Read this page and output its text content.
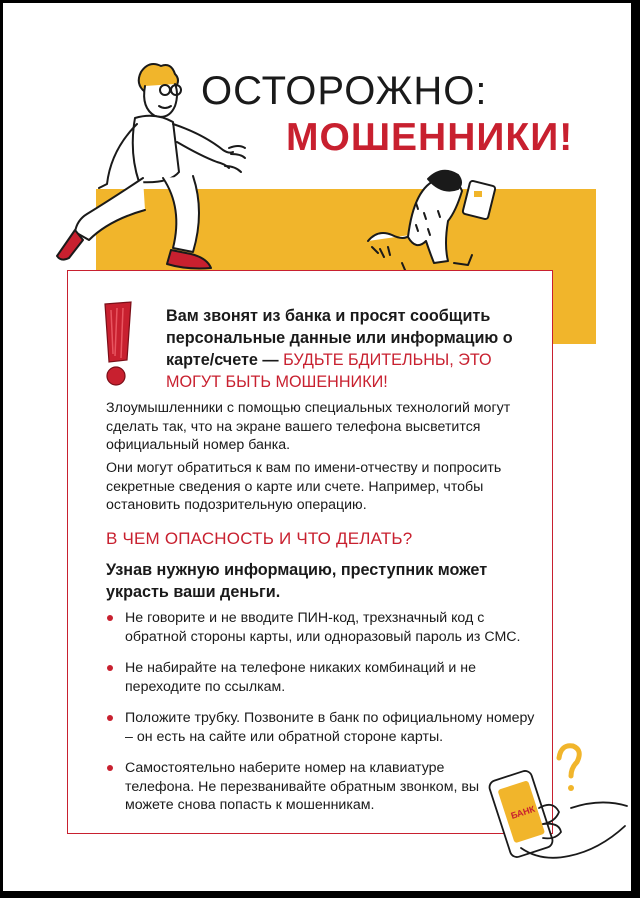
ОСТОРОЖНО:
МОШЕННИКИ!
Вам звонят из банка и просят сообщить персональные данные или информацию о карте/счете — БУДЬТЕ БДИТЕЛЬНЫ, ЭТО МОГУТ БЫТЬ МОШЕННИКИ!
Злоумышленники с помощью специальных технологий могут сделать так, что на экране вашего телефона высветится официальный номер банка.
Они могут обратиться к вам по имени-отчеству и попросить секретные сведения о карте или счете. Например, чтобы остановить подозрительную операцию.
В ЧЕМ ОПАСНОСТЬ И ЧТО ДЕЛАТЬ?
Узнав нужную информацию, преступник может украсть ваши деньги.
Не говорите и не вводите ПИН-код, трехзначный код с обратной стороны карты, или одноразовый пароль из СМС.
Не набирайте на телефоне никаких комбинаций и не переходите по ссылкам.
Положите трубку. Позвоните в банк по официальному номеру – он есть на сайте или обратной стороне карты.
Самостоятельно наберите номер на клавиатуре телефона. Не перезванивайте обратным звонком, вы можете снова попасть к мошенникам.	БАНК
